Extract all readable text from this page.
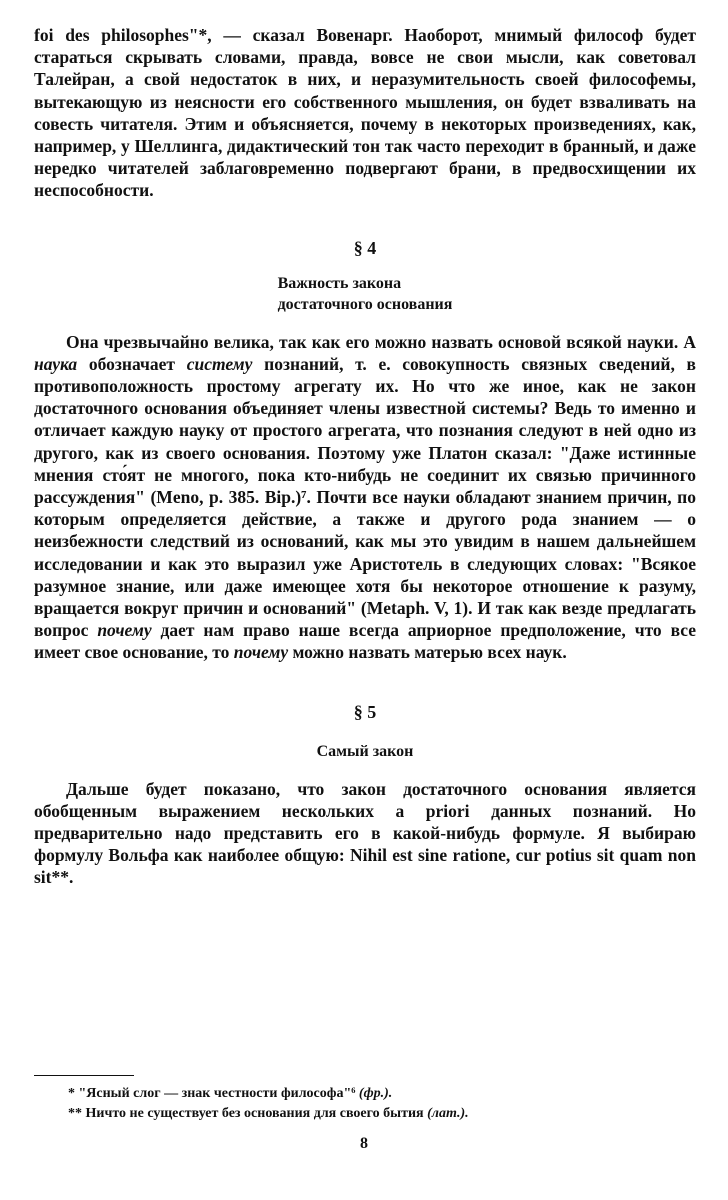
foi des philosophes"*, — сказал Вовенарг. Наоборот, мнимый философ будет стараться скрывать словами, правда, вовсе не свои мысли, как советовал Талейран, а свой недостаток в них, и неразумительность своей философемы, вытекающую из неясности его собственного мышления, он будет взваливать на совесть читателя. Этим и объясняется, почему в некоторых произведениях, как, например, у Шеллинга, дидактический тон так часто переходит в бранный, и даже нередко читателей заблаговременно подвергают брани, в предвосхищении их неспособности.

§ 4

Важность закона
достаточного основания

Она чрезвычайно велика, так как его можно назвать основой всякой науки. А наука обозначает систему познаний, т. е. совокупность связных сведений, в противоположность простому агрегату их. Но что же иное, как не закон достаточного основания объединяет члены известной системы? Ведь то именно и отличает каждую науку от простого агрегата, что познания следуют в ней одно из другого, как из своего основания. Поэтому уже Платон сказал: "Даже истинные мнения сто́ят не многого, пока кто-нибудь не соединит их связью причинного рассуждения" (Meno, p. 385. Bip.)⁷. Почти все науки обладают знанием причин, по которым определяется действие, а также и другого рода знанием — о неизбежности следствий из оснований, как мы это увидим в нашем дальнейшем исследовании и как это выразил уже Аристотель в следующих словах: "Всякое разумное знание, или даже имеющее хотя бы некоторое отношение к разуму, вращается вокруг причин и оснований" (Metaph. V, 1). И так как везде предлагать вопрос почему дает нам право наше всегда априорное предположение, что все имеет свое основание, то почему можно назвать матерью всех наук.

§ 5

Самый закон

Дальше будет показано, что закон достаточного основания является обобщенным выражением нескольких a priori данных познаний. Но предварительно надо представить его в какой-нибудь формуле. Я выбираю формулу Вольфа как наиболее общую: Nihil est sine ratione, cur potius sit quam non sit**.

* "Ясный слог — знак честности философа"⁶ (фр.).

** Ничто не существует без основания для своего бытия (лат.).

8
